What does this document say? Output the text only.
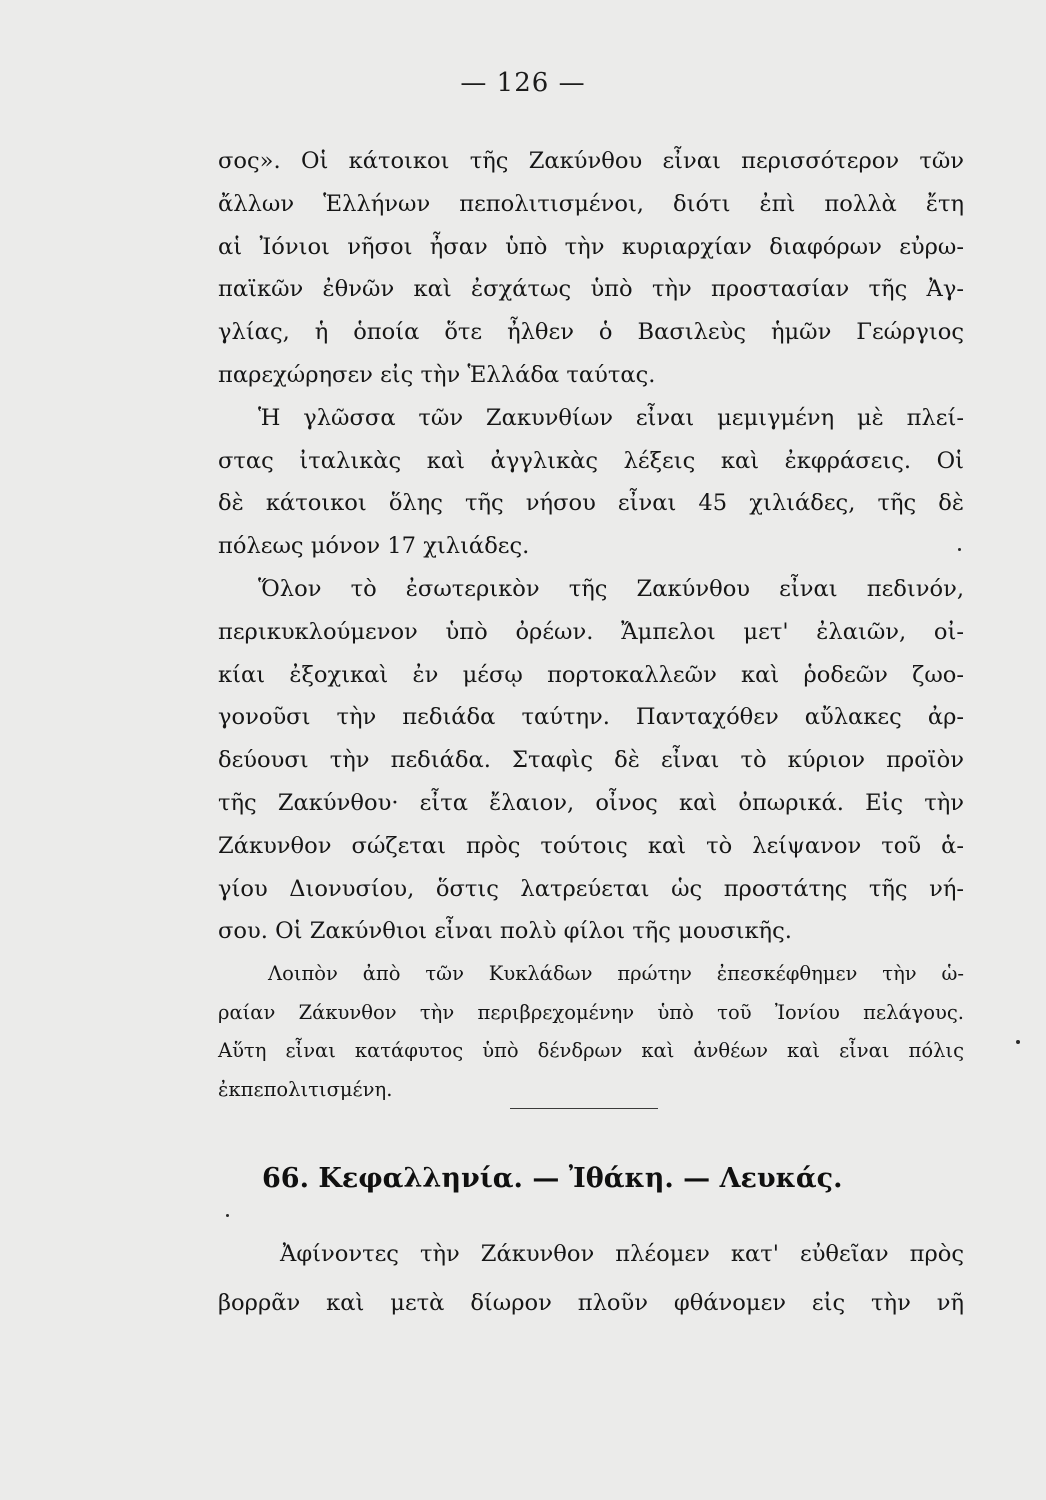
— 126 —
σος». Οἱ κάτοικοι τῆς Ζακύνθου εἶναι περισσότερον τῶν
ἄλλων Ἑλλήνων πεπολιτισμένοι, διότι ἐπὶ πολλὰ ἔτη
αἱ Ἰόνιοι νῆσοι ἦσαν ὑπὸ τὴν κυριαρχίαν διαφόρων εὐρω-
παϊκῶν ἐθνῶν καὶ ἐσχάτως ὑπὸ τὴν προστασίαν τῆς Ἀγ-
γλίας, ἡ ὁποία ὅτε ἦλθεν ὁ Βασιλεὺς ἡμῶν Γεώργιος
παρεχώρησεν εἰς τὴν Ἑλλάδα ταύτας.
Ἡ γλῶσσα τῶν Ζακυνθίων εἶναι μεμιγμένη μὲ πλεί-
στας ἰταλικὰς καὶ ἀγγλικὰς λέξεις καὶ ἐκφράσεις. Οἱ
δὲ κάτοικοι ὅλης τῆς νήσου εἶναι 45 χιλιάδες, τῆς δὲ
πόλεως μόνον 17 χιλιάδες.
Ὅλον τὸ ἐσωτερικὸν τῆς Ζακύνθου εἶναι πεδινόν,
περικυκλούμενον ὑπὸ ὀρέων. Ἄμπελοι μετ' ἐλαιῶν, οἰ-
κίαι ἐξοχικαὶ ἐν μέσῳ πορτοκαλλεῶν καὶ ῥοδεῶν ζωο-
γονοῦσι τὴν πεδιάδα ταύτην. Πανταχόθεν αὔλακες ἀρ-
δεύουσι τὴν πεδιάδα. Σταφὶς δὲ εἶναι τὸ κύριον προϊὸν
τῆς Ζακύνθου· εἶτα ἔλαιον, οἶνος καὶ ὀπωρικά. Εἰς τὴν
Ζάκυνθον σώζεται πρὸς τούτοις καὶ τὸ λείψανον τοῦ ἁ-
γίου Διονυσίου, ὅστις λατρεύεται ὡς προστάτης τῆς νή-
σου. Οἱ Ζακύνθιοι εἶναι πολὺ φίλοι τῆς μουσικῆς.
Λοιπὸν ἀπὸ τῶν Κυκλάδων πρώτην ἐπεσκέφθημεν τὴν ὡ-
ραίαν Ζάκυνθον τὴν περιβρεχομένην ὑπὸ τοῦ Ἰονίου πελάγους.
Αὕτη εἶναι κατάφυτος ὑπὸ δένδρων καὶ ἀνθέων καὶ εἶναι πόλις
ἐκπεπολιτισμένη.
66. Κεφαλληνία. — Ἰθάκη. — Λευκάς.
Ἀφίνοντες τὴν Ζάκυνθον πλέομεν κατ' εὐθεῖαν πρὸς
βορρᾶν καὶ μετὰ δίωρον πλοῦν φθάνομεν εἰς τὴν νῆ
